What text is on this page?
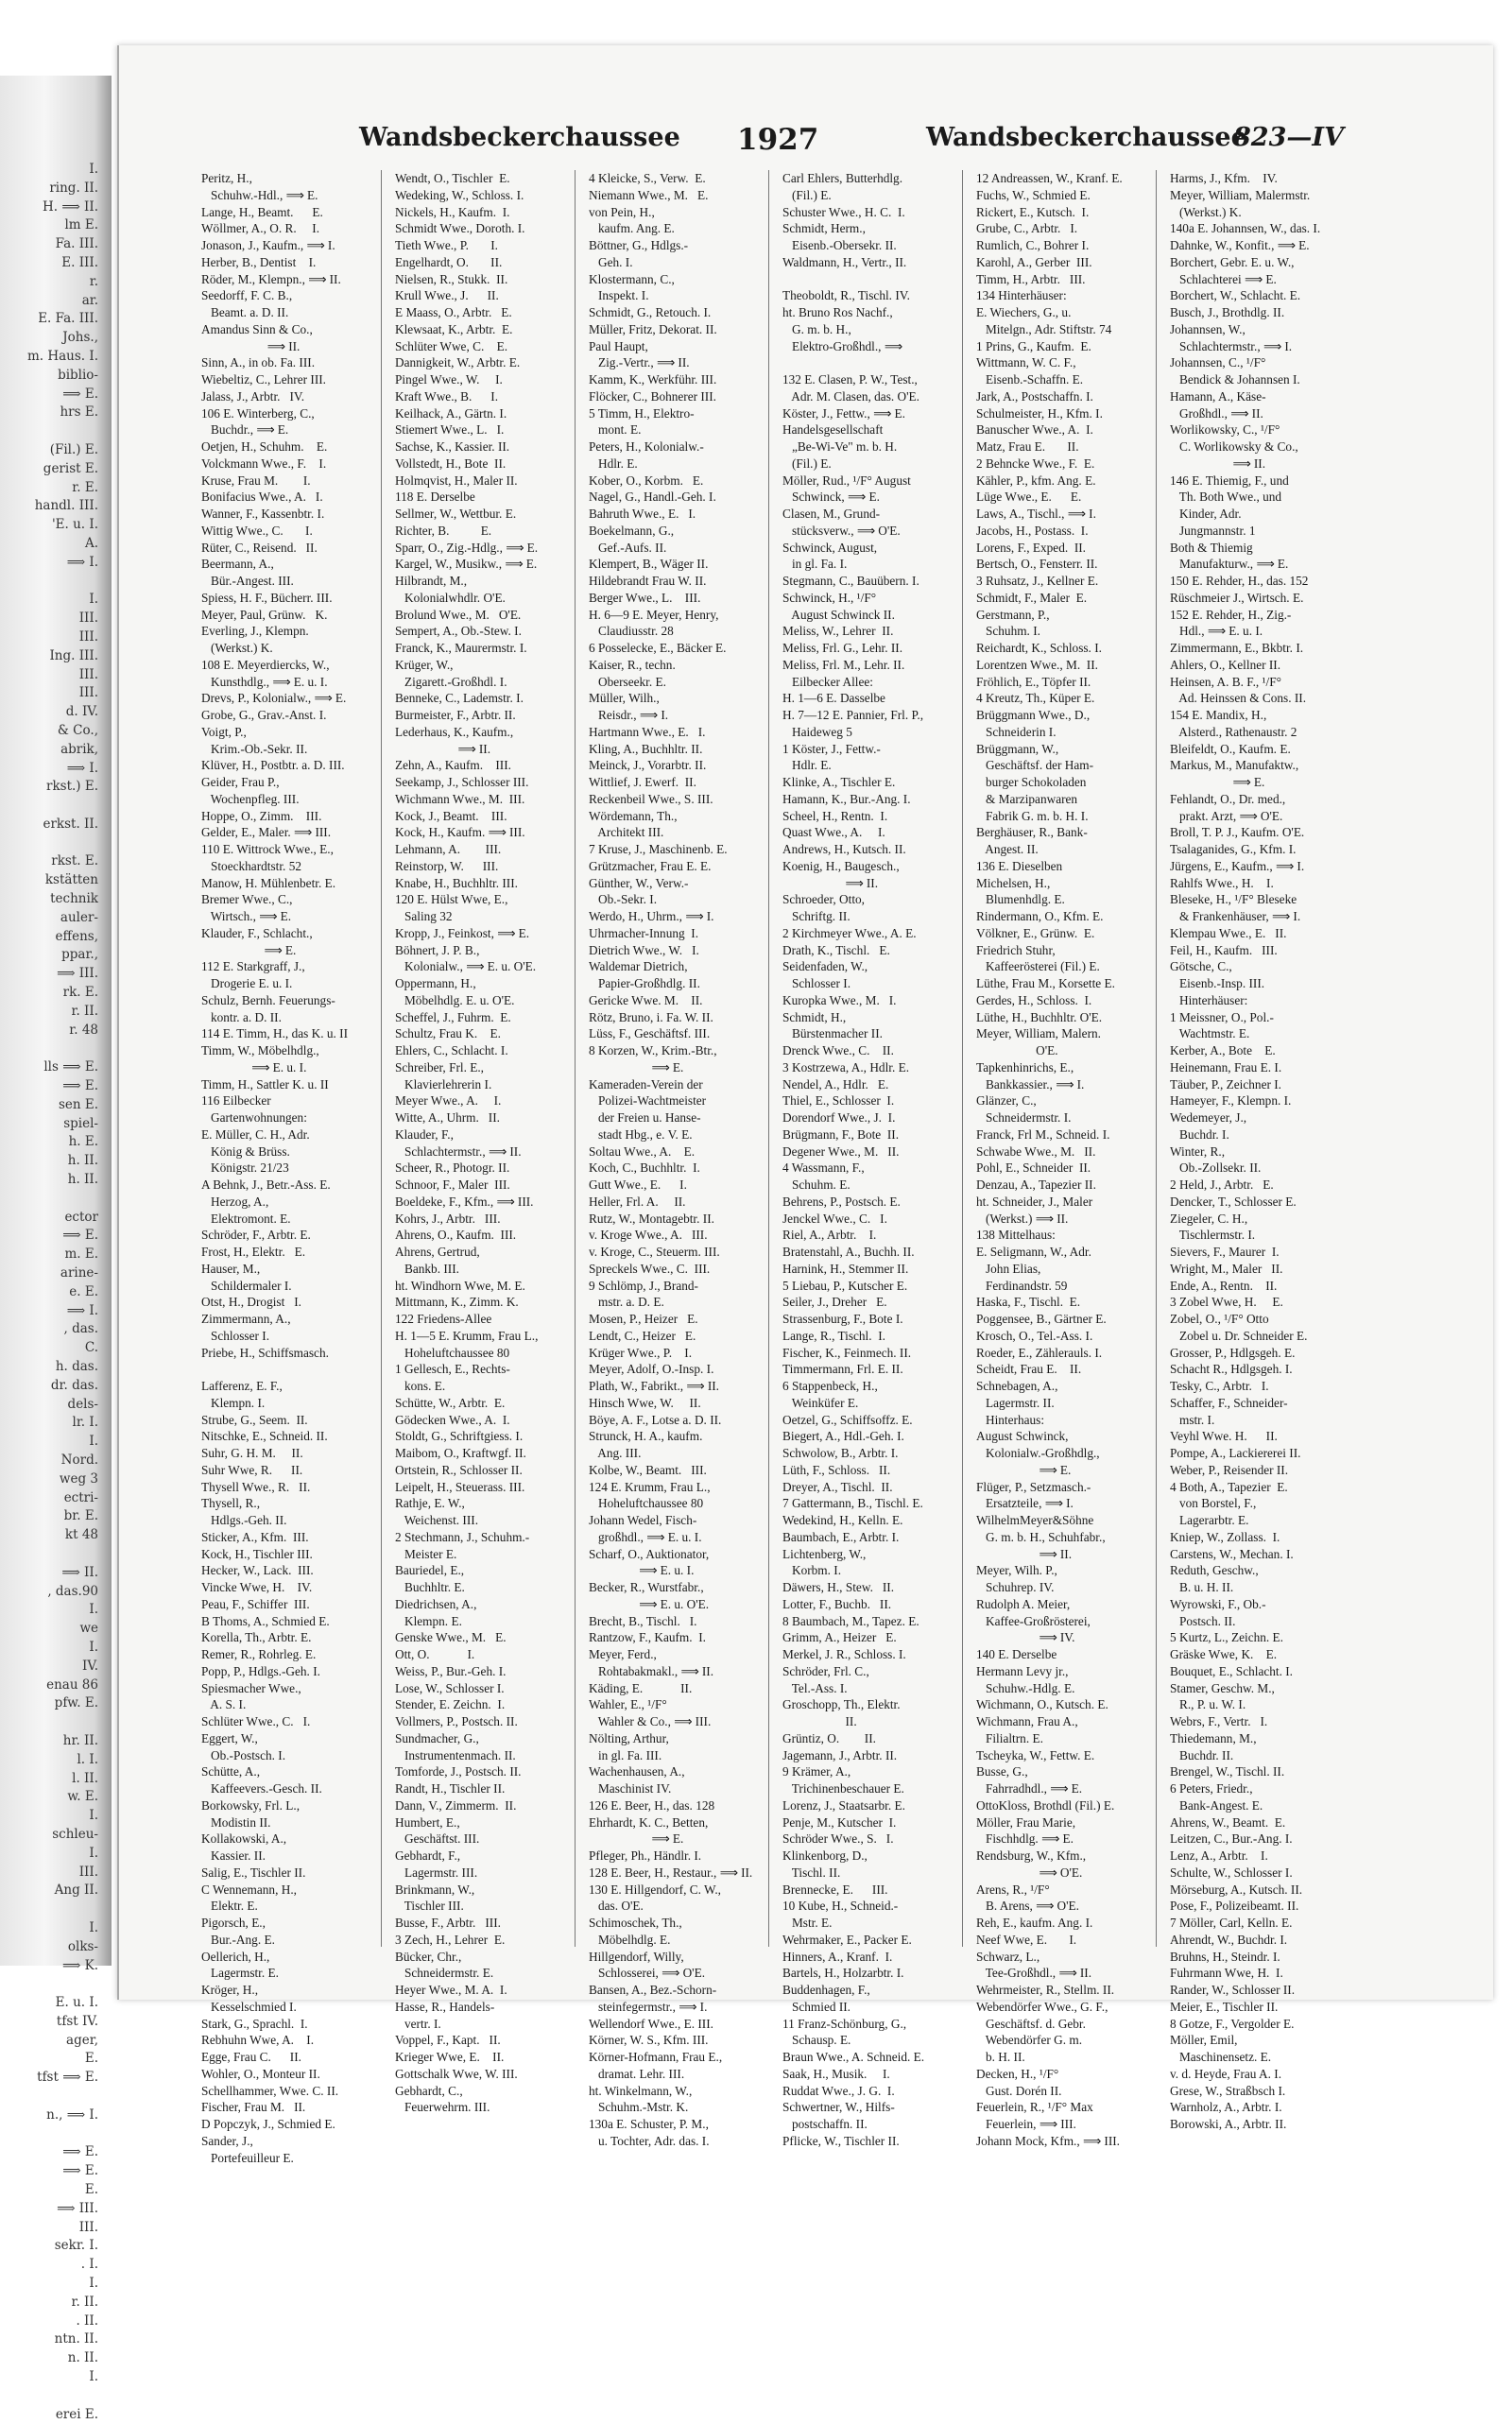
I.
ring. II.
H. ⟹ II.
lm E.
Fa. III.
E. III.
r.
ar.
E. Fa. III.
Johs.,
m. Haus. I.
biblio-
⟹ E.
hrs E.

(Fil.) E.
gerist E.
r. E.
handl. III.
'E. u. I.
A.
⟹ I.

I.
III.
III.
Ing. III.
III.
III.
d. IV.
& Co.,
abrik,
⟹ I.
rkst.) E.

erkst. II.

rkst. E.
kstätten
technik
auler-
effens,
ppar.,
⟹ III.
rk. E.
r. II.
r. 48

lls ⟹ E.
⟹ E.
sen E.
spiel-
h. E.
h. II.
h. II.

ector
⟹ E.
m. E.
arine-
e. E.
⟹ I.
, das.
C.
h. das.
dr. das.
dels-
lr. I.
I.
Nord.
weg 3
ectri-
br. E.
kt 48

⟹ II.
, das.90
I.
we
I.
IV.
enau 86
pfw. E.

hr. II.
l. I.
l. II.
w. E.
I.
schleu-
I.
III.
Ang II.

I.
olks-
⟹ K.

E. u. I.
tfst IV.
ager,
E.
tfst ⟹ E.

n., ⟹ I.

⟹ E.
⟹ E.
E.
⟹ III.
III.
sekr. I.
. I.
I.
r. II.
. II.
ntn. II.
n. II.
I.

erei E.
Wandsbeckerchaussee 1927	Wandsbeckerchaussee
823—IV
Peritz, H.,
Schuhw.-Hdl., ⟹ E.
Lange, H., Beamt.      E.
Wöllmer, A., O. R.     I.
Jonason, J., Kaufm., ⟹ I.
Herber, B., Dentist    I.
Röder, M., Klempn., ⟹ II.
Seedorff, F. C. B.,
Beamt. a. D. II.
Amandus Sinn & Co.,
⟹ II.
Sinn, A., in ob. Fa. III.
Wiebeltiz, C., Lehrer III.
Jalass, J., Arbtr.   IV.
106 E. Winterberg, C.,
Buchdr., ⟹ E.
Oetjen, H., Schuhm.    E.
Volckmann Wwe., F.    I.
Kruse, Frau M.        I.
Bonifacius Wwe., A.   I.
Wanner, F., Kassenbtr. I.
Wittig Wwe., C.       I.
Rüter, C., Reisend.   II.
Beermann, A.,
Bür.-Angest. III.
Spiess, H. F., Bücherr. III.
Meyer, Paul, Grünw.   K.
Everling, J., Klempn.
(Werkst.) K.
108 E. Meyerdiercks, W.,
Kunsthdlg., ⟹ E. u. I.
Drevs, P., Kolonialw., ⟹ E.
Grobe, G., Grav.-Anst. I.
Voigt, P.,
Krim.-Ob.-Sekr. II.
Klüver, H., Postbtr. a. D. III.
Geider, Frau P.,
Wochenpfleg. III.
Hoppe, O., Zimm.    III.
Gelder, E., Maler. ⟹ III.
110 E. Wittrock Wwe., E.,
Stoeckhardtstr. 52
Manow, H. Mühlenbetr. E.
Bremer Wwe., C.,
Wirtsch., ⟹ E.
Klauder, F., Schlacht.,
⟹ E.
112 E. Starkgraff, J.,
Drogerie E. u. I.
Schulz, Bernh. Feuerungs-
kontr. a. D. II.
114 E. Timm, H., das K. u. II
Timm, W., Möbelhdlg.,
⟹ E. u. I.
Timm, H., Sattler K. u. II
116 Eilbecker
Gartenwohnungen:
E. Müller, C. H., Adr.
König & Brüss.
Königstr. 21/23
A Behnk, J., Betr.-Ass. E.
Herzog, A.,
Elektromont. E.
Schröder, F., Arbtr. E.
Frost, H., Elektr.   E.
Hauser, M.,
Schildermaler I.
Otst, H., Drogist   I.
Zimmermann, A.,
Schlosser I.
Priebe, H., Schiffsmasch.

Lafferenz, E. F.,
Klempn. I.
Strube, G., Seem.  II.
Nitschke, E., Schneid. II.
Suhr, G. H. M.     II.
Suhr Wwe, R.      II.
Thysell Wwe., R.   II.
Thysell, R.,
Hdlgs.-Geh. II.
Sticker, A., Kfm.  III.
Kock, H., Tischler III.
Hecker, W., Lack.  III.
Vincke Wwe, H.    IV.
Peau, F., Schiffer  III.
B Thoms, A., Schmied E.
Korella, Th., Arbtr. E.
Remer, R., Rohrleg. E.
Popp, P., Hdlgs.-Geh. I.
Spiesmacher Wwe.,
A. S. I.
Schlüter Wwe., C.   I.
Eggert, W.,
Ob.-Postsch. I.
Schütte, A.,
Kaffeevers.-Gesch. II.
Borkowsky, Frl. L.,
Modistin II.
Kollakowski, A.,
Kassier. II.
Salig, E., Tischler II.
C Wennemann, H.,
Elektr. E.
Pigorsch, E.,
Bur.-Ang. E.
Oellerich, H.,
Lagermstr. E.
Kröger, H.,
Kesselschmied I.
Stark, G., Sprachl.  I.
Rebhuhn Wwe, A.    I.
Egge, Frau C.      II.
Wohler, O., Monteur II.
Schellhammer, Wwe. C. II.
Fischer, Frau M.   II.
D Popczyk, J., Schmied E.
Sander, J.,
Portefeuilleur E.
Wendt, O., Tischler  E.
Wedeking, W., Schloss. I.
Nickels, H., Kaufm.  I.
Schmidt Wwe., Doroth. I.
Tieth Wwe., P.       I.
Engelhardt, O.       II.
Nielsen, R., Stukk.  II.
Krull Wwe., J.      II.
E Maass, O., Arbtr.   E.
Klewsaat, K., Arbtr.  E.
Schlüter Wwe, C.    E.
Dannigkeit, W., Arbtr. E.
Pingel Wwe., W.     I.
Kraft Wwe., B.      I.
Keilhack, A., Gärtn. I.
Stiemert Wwe., L.   I.
Sachse, K., Kassier. II.
Vollstedt, H., Bote  II.
Holmqvist, H., Maler II.
118 E. Derselbe
Sellmer, W., Wettbur. E.
Richter, B.          E.
Sparr, O., Zig.-Hdlg., ⟹ E.
Kargel, W., Musikw., ⟹ E.
Hilbrandt, M.,
Kolonialwhdlr. O'E.
Brolund Wwe., M.   O'E.
Sempert, A., Ob.-Stew. I.
Franck, K., Maurermstr. I.
Krüger, W.,
Zigarett.-Großhdl. I.
Benneke, C., Lademstr. I.
Burmeister, F., Arbtr. II.
Lederhaus, K., Kaufm.,
⟹ II.
Zehn, A., Kaufm.    III.
Seekamp, J., Schlosser III.
Wichmann Wwe., M.  III.
Kock, J., Beamt.    III.
Kock, H., Kaufm. ⟹ III.
Lehmann, A.        III.
Reinstorp, W.      III.
Knabe, H., Buchhltr. III.
120 E. Hülst Wwe, E.,
Saling 32
Kropp, J., Feinkost, ⟹ E.
Böhnert, J. P. B.,
Kolonialw., ⟹ E. u. O'E.
Oppermann, H.,
Möbelhdlg. E. u. O'E.
Scheffel, J., Fuhrm.  E.
Schultz, Frau K.    E.
Ehlers, C., Schlacht. I.
Schreiber, Frl. E.,
Klavierlehrerin I.
Meyer Wwe., A.     I.
Witte, A., Uhrm.   II.
Klauder, F.,
Schlachtermstr., ⟹ II.
Scheer, R., Photogr. II.
Schnoor, F., Maler  III.
Boeldeke, F., Kfm., ⟹ III.
Kohrs, J., Arbtr.   III.
Ahrens, O., Kaufm.  III.
Ahrens, Gertrud,
Bankb. III.
ht. Windhorn Wwe, M. E.
Mittmann, K., Zimm. K.
122 Friedens-Allee
H. 1—5 E. Krumm, Frau L.,
Hoheluftchaussee 80
1 Gellesch, E., Rechts-
kons. E.
Schütte, W., Arbtr.  E.
Gödecken Wwe., A.  I.
Stoldt, G., Schriftgiess. I.
Maibom, O., Kraftwgf. II.
Ortstein, R., Schlosser II.
Leipelt, H., Steuerass. III.
Rathje, E. W.,
Weichenst. III.
2 Stechmann, J., Schuhm.-
Meister E.
Bauriedel, E.,
Buchhltr. E.
Diedrichsen, A.,
Klempn. E.
Genske Wwe., M.   E.
Ott, O.            I.
Weiss, P., Bur.-Geh. I.
Lose, W., Schlosser I.
Stender, E. Zeichn.  I.
Vollmers, P., Postsch. II.
Sundmacher, G.,
Instrumentenmach. II.
Tomforde, J., Postsch. II.
Randt, H., Tischler II.
Dann, V., Zimmerm.  II.
Humbert, E.,
Geschäftst. III.
Gebhardt, F.,
Lagermstr. III.
Brinkmann, W.,
Tischler III.
Busse, F., Arbtr.   III.
3 Zech, H., Lehrer  E.
Bücker, Chr.,
Schneidermstr. E.
Heyer Wwe., M. A.  I.
Hasse, R., Handels-
vertr. I.
Voppel, F., Kapt.   II.
Krieger Wwe, E.    II.
Gottschalk Wwe, W. III.
Gebhardt, C.,
Feuerwehrm. III.
4 Kleicke, S., Verw.  E.
Niemann Wwe., M.   E.
von Pein, H.,
kaufm. Ang. E.
Böttner, G., Hdlgs.-
Geh. I.
Klostermann, C.,
Inspekt. I.
Schmidt, G., Retouch. I.
Müller, Fritz, Dekorat. II.
Paul Haupt,
Zig.-Vertr., ⟹ II.
Kamm, K., Werkführ. III.
Flöcker, C., Bohnerer III.
5 Timm, H., Elektro-
mont. E.
Peters, H., Kolonialw.-
Hdlr. E.
Kober, O., Korbm.   E.
Nagel, G., Handl.-Geh. I.
Bahruth Wwe., E.   I.
Boekelmann, G.,
Gef.-Aufs. II.
Klempert, B., Wäger II.
Hildebrandt Frau W. II.
Berger Wwe., L.    III.
H. 6—9 E. Meyer, Henry,
Claudiusstr. 28
6 Posselecke, E., Bäcker E.
Kaiser, R., techn.
Oberseekr. E.
Müller, Wilh.,
Reisdr., ⟹ I.
Hartmann Wwe., E.   I.
Kling, A., Buchhltr. II.
Meinck, J., Vorarbtr. II.
Wittlief, J. Ewerf.  II.
Reckenbeil Wwe., S. III.
Wördemann, Th.,
Architekt III.
7 Kruse, J., Maschinenb. E.
Grützmacher, Frau E. E.
Günther, W., Verw.-
Ob.-Sekr. I.
Werdo, H., Uhrm., ⟹ I.
Uhrmacher-Innung  I.
Dietrich Wwe., W.   I.
Waldemar Dietrich,
Papier-Großhdlg. II.
Gericke Wwe. M.    II.
Rötz, Bruno, i. Fa. W. II.
Lüss, F., Geschäftsf. III.
8 Korzen, W., Krim.-Btr.,
⟹ E.
Kameraden-Verein der
Polizei-Wachtmeister
der Freien u. Hanse-
stadt Hbg., e. V. E.
Soltau Wwe., A.    E.
Koch, C., Buchhltr.  I.
Gutt Wwe., E.      I.
Heller, Frl. A.     II.
Rutz, W., Montagebtr. II.
v. Kroge Wwe., A.   III.
v. Kroge, C., Steuerm. III.
Spreckels Wwe., C.  III.
9 Schlömp, J., Brand-
mstr. a. D. E.
Mosen, P., Heizer   E.
Lendt, C., Heizer   E.
Krüger Wwe., P.    I.
Meyer, Adolf, O.-Insp. I.
Plath, W., Fabrikt., ⟹ II.
Hinsch Wwe, W.     II.
Böye, A. F., Lotse a. D. II.
Strunck, H. A., kaufm.
Ang. III.
Kolbe, W., Beamt.   III.
124 E. Krumm, Frau L.,
Hoheluftchaussee 80
Johann Wedel, Fisch-
großhdl., ⟹ E. u. I.
Scharf, O., Auktionator,
⟹ E. u. I.
Becker, R., Wurstfabr.,
⟹ E. u. O'E.
Brecht, B., Tischl.   I.
Rantzow, F., Kaufm.  I.
Meyer, Ferd.,
Rohtabakmakl., ⟹ II.
Käding, E.            II.
Wahler, E., ¹/F°
Wahler & Co., ⟹ III.
Nölting, Arthur,
in gl. Fa. III.
Wachenhausen, A.,
Maschinist IV.
126 E. Beer, H., das. 128
Ehrhardt, K. C., Betten,
⟹ E.
Pfleger, Ph., Händlr. I.
128 E. Beer, H., Restaur., ⟹ II.
130 E. Hillgendorf, C. W.,
das. O'E.
Schimoschek, Th.,
Möbelhdlg. E.
Hillgendorf, Willy,
Schlosserei, ⟹ O'E.
Bansen, A., Bez.-Schorn-
steinfegermstr., ⟹ I.
Wellendorf Wwe., E. III.
Körner, W. S., Kfm. III.
Körner-Hofmann, Frau E.,
dramat. Lehr. III.
ht. Winkelmann, W.,
Schuhm.-Mstr. K.
130a E. Schuster, P. M.,
u. Tochter, Adr. das. I.
Carl Ehlers, Butterhdlg.
(Fil.) E.
Schuster Wwe., H. C.  I.
Schmidt, Herm.,
Eisenb.-Obersekr. II.
Waldmann, H., Vertr., II.

Theoboldt, R., Tischl. IV.
ht. Bruno Ros Nachf.,
G. m. b. H.,
Elektro-Großhdl., ⟹

132 E. Clasen, P. W., Test.,
Adr. M. Clasen, das. O'E.
Köster, J., Fettw., ⟹ E.
Handelsgesellschaft
„Be-Wi-Ve" m. b. H.
(Fil.) E.
Möller, Rud., ¹/F° August
Schwinck, ⟹ E.
Clasen, M., Grund-
stücksverw., ⟹ O'E.
Schwinck, August,
in gl. Fa. I.
Stegmann, C., Bauübern. I.
Schwinck, H., ¹/F°
August Schwinck II.
Meliss, W., Lehrer  II.
Meliss, Frl. G., Lehr. II.
Meliss, Frl. M., Lehr. II.
Eilbecker Allee:
H. 1—6 E. Dasselbe
H. 7—12 E. Pannier, Frl. P.,
Haideweg 5
1 Köster, J., Fettw.-
Hdlr. E.
Klinke, A., Tischler E.
Hamann, K., Bur.-Ang. I.
Scheel, H., Rentn.  I.
Quast Wwe., A.     I.
Andrews, H., Kutsch. II.
Koenig, H., Baugesch.,
⟹ II.
Schroeder, Otto,
Schriftg. II.
2 Kirchmeyer Wwe., A. E.
Drath, K., Tischl.   E.
Seidenfaden, W.,
Schlosser I.
Kuropka Wwe., M.   I.
Schmidt, H.,
Bürstenmacher II.
Drenck Wwe., C.    II.
3 Kostrzewa, A., Hdlr. E.
Nendel, A., Hdlr.   E.
Thiel, E., Schlosser  I.
Dorendorf Wwe., J.  I.
Brügmann, F., Bote  II.
Degener Wwe., M.   II.
4 Wassmann, F.,
Schuhm. E.
Behrens, P., Postsch. E.
Jenckel Wwe., C.   I.
Riel, A., Arbtr.    I.
Bratenstahl, A., Buchh. II.
Harnink, H., Stemmer II.
5 Liebau, P., Kutscher E.
Seiler, J., Dreher   E.
Strassenburg, F., Bote I.
Lange, R., Tischl.  I.
Fischer, K., Feinmech. II.
Timmermann, Frl. E. II.
6 Stappenbeck, H.,
Weinküfer E.
Oetzel, G., Schiffsoffz. E.
Biegert, A., Hdl.-Geh. I.
Schwolow, B., Arbtr. I.
Lüth, F., Schloss.   II.
Dreyer, A., Tischl.  II.
7 Gattermann, B., Tischl. E.
Wedekind, H., Kelln. E.
Baumbach, E., Arbtr. I.
Lichtenberg, W.,
Korbm. I.
Däwers, H., Stew.   II.
Lotter, F., Buchb.   II.
8 Baumbach, M., Tapez. E.
Grimm, A., Heizer   E.
Merkel, J. R., Schloss. I.
Schröder, Frl. C.,
Tel.-Ass. I.
Groschopp, Th., Elektr.
II.
Grüntiz, O.        II.
Jagemann, J., Arbtr. II.
9 Krämer, A.,
Trichinenbeschauer E.
Lorenz, J., Staatsarbr. E.
Penje, M., Kutscher  I.
Schröder Wwe., S.   I.
Klinkenborg, D.,
Tischl. II.
Brennecke, E.      III.
10 Kube, H., Schneid.-
Mstr. E.
Wehrmaker, E., Packer E.
Hinners, A., Kranf.  I.
Bartels, H., Holzarbtr. I.
Buddenhagen, F.,
Schmied II.
11 Franz-Schönburg, G.,
Schausp. E.
Braun Wwe., A. Schneid. E.
Saak, H., Musik.     I.
Ruddat Wwe., J. G.  I.
Schwertner, W., Hilfs-
postschaffn. II.
Pflicke, W., Tischler II.
12 Andreassen, W., Kranf. E.
Fuchs, W., Schmied E.
Rickert, E., Kutsch.  I.
Grube, C., Arbtr.   I.
Rumlich, C., Bohrer I.
Karohl, A., Gerber  III.
Timm, H., Arbtr.   III.
134 Hinterhäuser:
E. Wiechers, G., u.
Mitelgn., Adr. Stiftstr. 74
1 Prins, G., Kaufm.  E.
Wittmann, W. C. F.,
Eisenb.-Schaffn. E.
Jark, A., Postschaffn. I.
Schulmeister, H., Kfm. I.
Banuscher Wwe., A.  I.
Matz, Frau E.       II.
2 Behncke Wwe., F.  E.
Kähler, P., kfm. Ang. E.
Lüge Wwe., E.      E.
Laws, A., Tischl., ⟹ I.
Jacobs, H., Postass.  I.
Lorens, F., Exped.  II.
Bertsch, O., Fensterr. II.
3 Ruhsatz, J., Kellner E.
Schmidt, F., Maler  E.
Gerstmann, P.,
Schuhm. I.
Reichardt, K., Schloss. I.
Lorentzen Wwe., M.  II.
Fröhlich, E., Töpfer II.
4 Kreutz, Th., Küper E.
Brüggmann Wwe., D.,
Schneiderin I.
Brüggmann, W.,
Geschäftsf. der Ham-
burger Schokoladen
& Marzipanwaren
Fabrik G. m. b. H. I.
Berghäuser, R., Bank-
Angest. II.
136 E. Dieselben
Michelsen, H.,
Blumenhdlg. E.
Rindermann, O., Kfm. E.
Völkner, E., Grünw.  E.
Friedrich Stuhr,
Kaffeerösterei (Fil.) E.
Lüthe, Frau M., Korsette E.
Gerdes, H., Schloss.  I.
Lüthe, H., Buchhltr. O'E.
Meyer, William, Malern.
O'E.
Tapkenhinrichs, E.,
Bankkassier., ⟹ I.
Glänzer, C.,
Schneidermstr. I.
Franck, Frl M., Schneid. I.
Schwabe Wwe., M.   II.
Pohl, E., Schneider  II.
Denzau, A., Tapezier II.
ht. Schneider, J., Maler
(Werkst.) ⟹ II.
138 Mittelhaus:
E. Seligmann, W., Adr.
John Elias,
Ferdinandstr. 59
Haska, F., Tischl.  E.
Poggensee, B., Gärtner E.
Krosch, O., Tel.-Ass. I.
Roeder, E., Zählerauls. I.
Scheidt, Frau E.    II.
Schnebagen, A.,
Lagermstr. II.
Hinterhaus:
August Schwinck,
Kolonialw.-Großhdlg.,
⟹ E.
Flüger, P., Setzmasch.-
Ersatzteile, ⟹ I.
WilhelmMeyer&Söhne
G. m. b. H., Schuhfabr.,
⟹ II.
Meyer, Wilh. P.,
Schuhrep. IV.
Rudolph A. Meier,
Kaffee-Großrösterei,
⟹ IV.
140 E. Derselbe
Hermann Levy jr.,
Schuhw.-Hdlg. E.
Wichmann, O., Kutsch. E.
Wichmann, Frau A.,
Filialtrn. E.
Tscheyka, W., Fettw. E.
Busse, G.,
Fahrradhdl., ⟹ E.
OttoKloss, Brothdl (Fil.) E.
Möller, Frau Marie,
Fischhdlg. ⟹ E.
Rendsburg, W., Kfm.,
⟹ O'E.
Arens, R., ¹/F°
B. Arens, ⟹ O'E.
Reh, E., kaufm. Ang. I.
Neef Wwe, E.       I.
Schwarz, L.,
Tee-Großhdl., ⟹ II.
Wehrmeister, R., Stellm. II.
Webendörfer Wwe., G. F.,
Geschäftsf. d. Gebr.
Webendörfer G. m.
b. H. II.
Decken, H., ¹/F°
Gust. Dorén II.
Feuerlein, R., ¹/F° Max
Feuerlein, ⟹ III.
Johann Mock, Kfm., ⟹ III.
Harms, J., Kfm.    IV.
Meyer, William, Malermstr.
(Werkst.) K.
140a E. Johannsen, W., das. I.
Dahnke, W., Konfit., ⟹ E.
Borchert, Gebr. E. u. W.,
Schlachterei ⟹ E.
Borchert, W., Schlacht. E.
Busch, J., Brothdlg. II.
Johannsen, W.,
Schlachtermstr., ⟹ I.
Johannsen, C., ¹/F°
Bendick & Johannsen I.
Hamann, A., Käse-
Großhdl., ⟹ II.
Worlikowsky, C., ¹/F°
C. Worlikowsky & Co.,
⟹ II.
146 E. Thiemig, F., und
Th. Both Wwe., und
Kinder, Adr.
Jungmannstr. 1
Both & Thiemig
Manufakturw., ⟹ E.
150 E. Rehder, H., das. 152
Rüschmeier J., Wirtsch. E.
152 E. Rehder, H., Zig.-
Hdl., ⟹ E. u. I.
Zimmermann, E., Bkbtr. I.
Ahlers, O., Kellner II.
Heinsen, A. B. F., ¹/F°
Ad. Heinssen & Cons. II.
154 E. Mandix, H.,
Alsterd., Rathenaustr. 2
Bleifeldt, O., Kaufm. E.
Markus, M., Manufaktw.,
⟹ E.
Fehlandt, O., Dr. med.,
prakt. Arzt, ⟹ O'E.
Broll, T. P. J., Kaufm. O'E.
Tsalaganides, G., Kfm. I.
Jürgens, E., Kaufm., ⟹ I.
Rahlfs Wwe., H.    I.
Bleseke, H., ¹/F° Bleseke
& Frankenhäuser, ⟹ I.
Klempau Wwe., E.   II.
Feil, H., Kaufm.   III.
Götsche, C.,
Eisenb.-Insp. III.
Hinterhäuser:
1 Meissner, O., Pol.-
Wachtmstr. E.
Kerber, A., Bote    E.
Heinemann, Frau E. I.
Täuber, P., Zeichner I.
Hameyer, F., Klempn. I.
Wedemeyer, J.,
Buchdr. I.
Winter, R.,
Ob.-Zollsekr. II.
2 Held, J., Arbtr.   E.
Dencker, T., Schlosser E.
Ziegeler, C. H.,
Tischlermstr. I.
Sievers, F., Maurer  I.
Wright, M., Maler   II.
Ende, A., Rentn.    II.
3 Zobel Wwe, H.     E.
Zobel, O., ¹/F° Otto
Zobel u. Dr. Schneider E.
Grosser, P., Hdlgsgeh. E.
Schacht R., Hdlgsgeh. I.
Tesky, C., Arbtr.   I.
Schaffer, F., Schneider-
mstr. I.
Veyhl Wwe. H.      II.
Pompe, A., Lackiererei II.
Weber, P., Reisender II.
4 Both, A., Tapezier  E.
von Borstel, F.,
Lagerarbtr. E.
Kniep, W., Zollass.  I.
Carstens, W., Mechan. I.
Reduth, Geschw.,
B. u. H. II.
Wyrowski, F., Ob.-
Postsch. II.
5 Kurtz, L., Zeichn. E.
Gräske Wwe, K.    E.
Bouquet, E., Schlacht. I.
Stamer, Geschw. M.,
R., P. u. W. I.
Webrs, F., Vertr.   I.
Thiedemann, M.,
Buchdr. II.
Brengel, W., Tischl. II.
6 Peters, Friedr.,
Bank-Angest. E.
Ahrens, W., Beamt.  E.
Leitzen, C., Bur.-Ang. I.
Lenz, A., Arbtr.    I.
Schulte, W., Schlosser I.
Mörseburg, A., Kutsch. II.
Pose, F., Polizeibeamt. II.
7 Möller, Carl, Kelln. E.
Ahrendt, W., Buchdr. I.
Bruhns, H., Steindr. I.
Fuhrmann Wwe, H.  I.
Rander, W., Schlosser II.
Meier, E., Tischler II.
8 Gotze, F., Vergolder E.
Möller, Emil,
Maschinensetz. E.
v. d. Heyde, Frau A. I.
Grese, W., Straßbsch I.
Warnholz, A., Arbtr. I.
Borowski, A., Arbtr. II.
